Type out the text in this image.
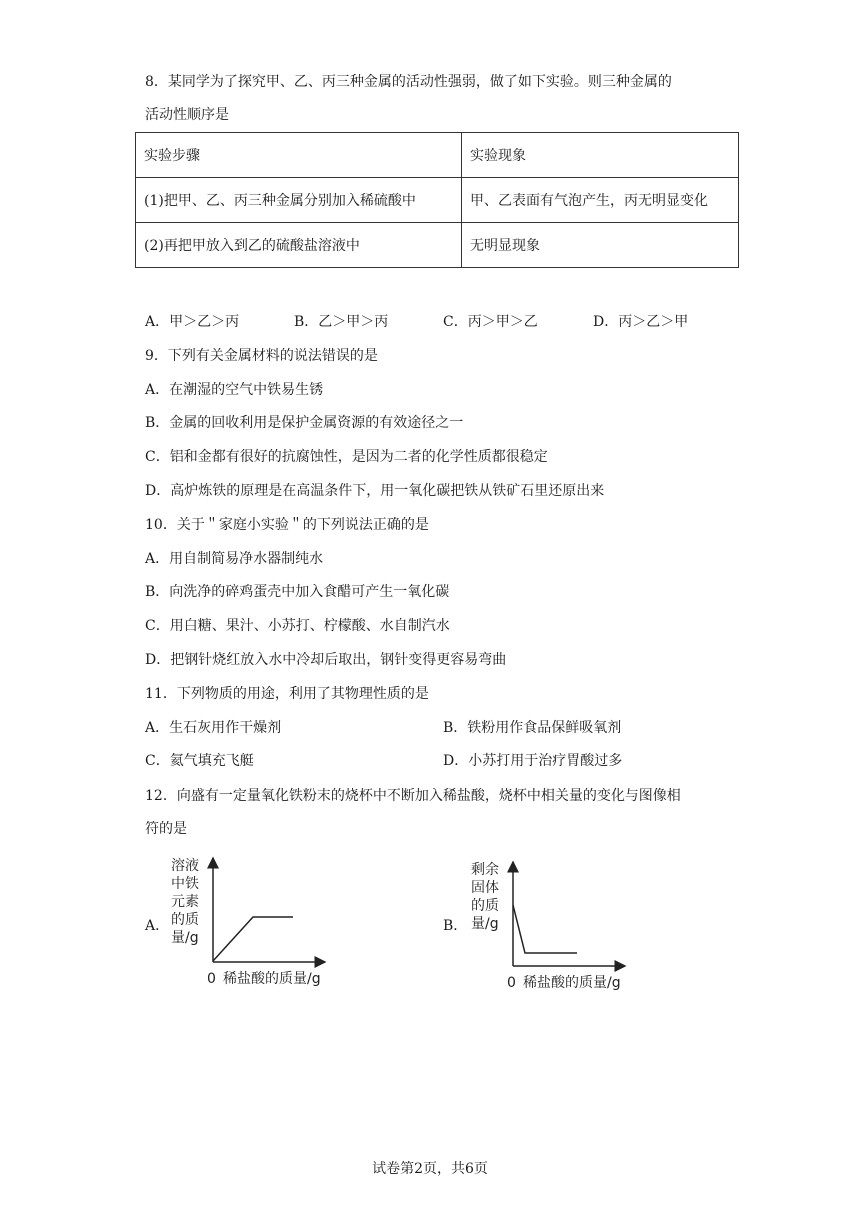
8．某同学为了探究甲、乙、丙三种金属的活动性强弱，做了如下实验。则三种金属的
活动性顺序是
实验步骤	实验现象
(1)把甲、乙、丙三种金属分别加入稀硫酸中	甲、乙表面有气泡产生，丙无明显变化
(2)再把甲放入到乙的硫酸盐溶液中	无明显现象
A．甲＞乙＞丙	B．乙＞甲＞丙	C．丙＞甲＞乙	D．丙＞乙＞甲
9．下列有关金属材料的说法错误的是
A．在潮湿的空气中铁易生锈
B．金属的回收利用是保护金属资源的有效途径之一
C．铝和金都有很好的抗腐蚀性，是因为二者的化学性质都很稳定
D．高炉炼铁的原理是在高温条件下，用一氧化碳把铁从铁矿石里还原出来
10．关于＂家庭小实验＂的下列说法正确的是
A．用自制简易净水器制纯水
B．向洗净的碎鸡蛋壳中加入食醋可产生一氧化碳
C．用白糖、果汁、小苏打、柠檬酸、水自制汽水
D．把钢针烧红放入水中冷却后取出，钢针变得更容易弯曲
11．下列物质的用途，利用了其物理性质的是
A．生石灰用作干燥剂	B．铁粉用作食品保鲜吸氧剂
C．氦气填充飞艇	D．小苏打用于治疗胃酸过多
12．向盛有一定量氧化铁粉末的烧杯中不断加入稀盐酸，烧杯中相关量的变化与图像相
符的是
A．	B．
溶液
中铁
元素
的质
量/g
0 稀盐酸的质量/g
剩余
固体
的质
量/g
0 稀盐酸的质量/g
试卷第2页，共6页
